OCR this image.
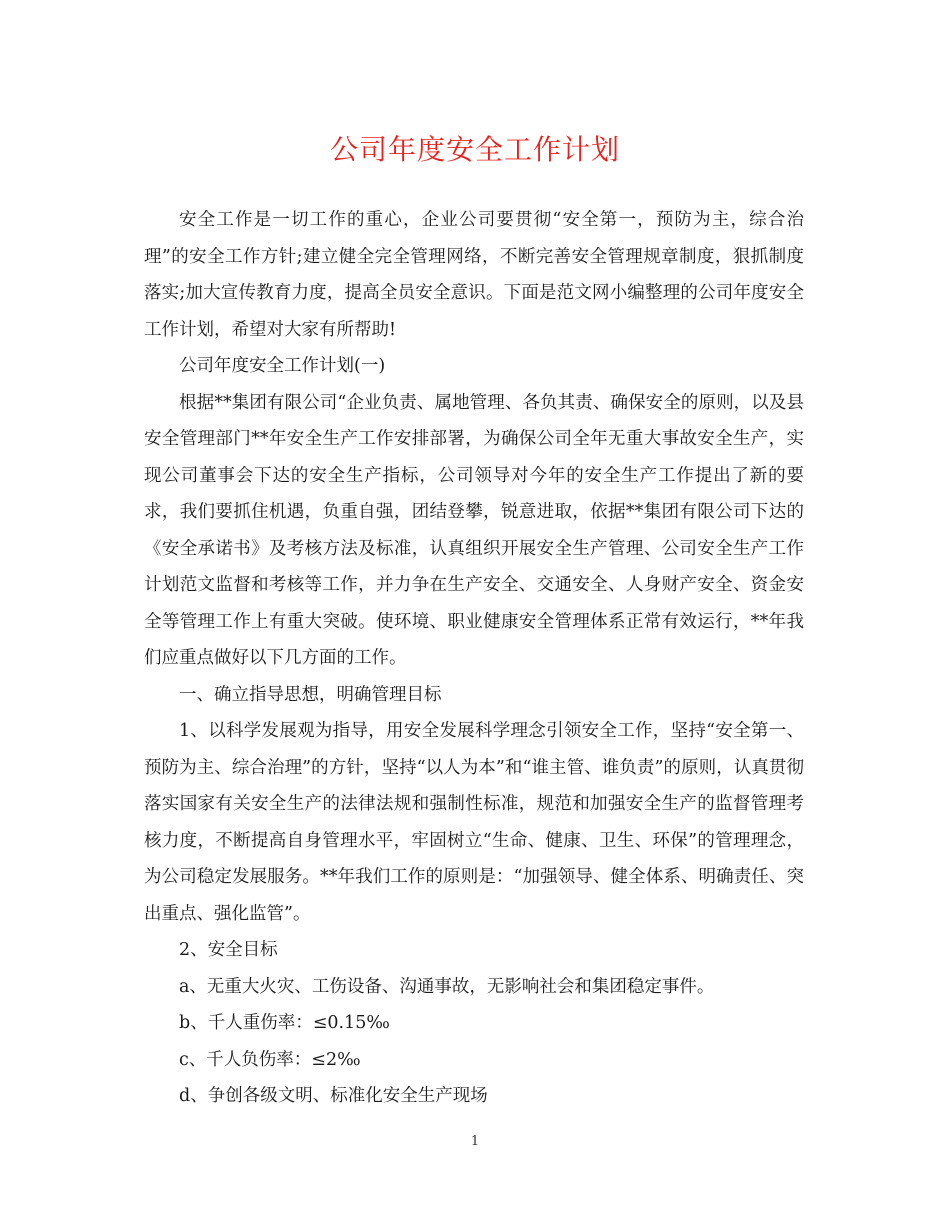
公司年度安全工作计划

安全工作是一切工作的重心，企业公司要贯彻“安全第一，预防为主，综合治理”的安全工作方针;建立健全完全管理网络，不断完善安全管理规章制度，狠抓制度落实;加大宣传教育力度，提高全员安全意识。下面是范文网小编整理的公司年度安全工作计划，希望对大家有所帮助!

公司年度安全工作计划(一)

根据**集团有限公司“企业负责、属地管理、各负其责、确保安全的原则，以及县安全管理部门**年安全生产工作安排部署，为确保公司全年无重大事故安全生产，实现公司董事会下达的安全生产指标，公司领导对今年的安全生产工作提出了新的要求，我们要抓住机遇，负重自强，团结登攀，锐意进取，依据**集团有限公司下达的《安全承诺书》及考核方法及标准，认真组织开展安全生产管理、公司安全生产工作计划范文监督和考核等工作，并力争在生产安全、交通安全、人身财产安全、资金安全等管理工作上有重大突破。使环境、职业健康安全管理体系正常有效运行，**年我们应重点做好以下几方面的工作。

一、确立指导思想，明确管理目标

1、以科学发展观为指导，用安全发展科学理念引领安全工作，坚持“安全第一、预防为主、综合治理”的方针，坚持“以人为本”和“谁主管、谁负责”的原则，认真贯彻落实国家有关安全生产的法律法规和强制性标准，规范和加强安全生产的监督管理考核力度，不断提高自身管理水平，牢固树立“生命、健康、卫生、环保”的管理理念，为公司稳定发展服务。**年我们工作的原则是：“加强领导、健全体系、明确责任、突出重点、强化监管”。

2、安全目标

a、无重大火灾、工伤设备、沟通事故，无影响社会和集团稳定事件。

b、千人重伤率：≤0.15‰

c、千人负伤率：≤2‰

d、争创各级文明、标准化安全生产现场

1
